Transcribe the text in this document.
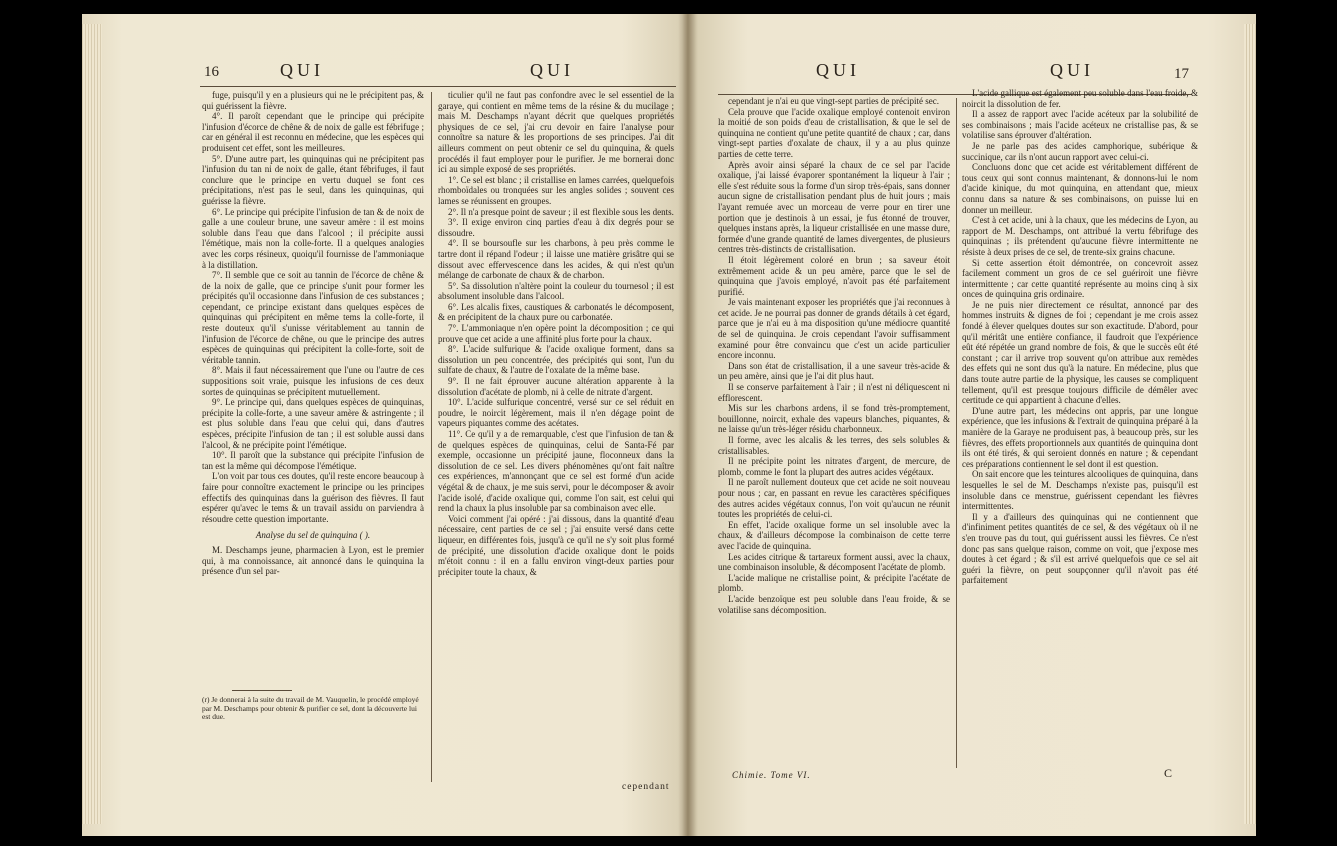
16	QUI	QUI

fuge, puisqu'il y en a plusieurs qui ne le précipitent pas, & qui guérissent la fièvre.

4°. Il paroît cependant que le principe qui précipite l'infusion d'écorce de chêne & de noix de galle est fébrifuge ; car en général il est reconnu en médecine, que les espèces qui produisent cet effet, sont les meilleures.

5°. D'une autre part, les quinquinas qui ne précipitent pas l'infusion du tan ni de noix de galle, étant fébrifuges, il faut conclure que le principe en vertu duquel se font ces précipitations, n'est pas le seul, dans les quinquinas, qui guérisse la fièvre.

6°. Le principe qui précipite l'infusion de tan & de noix de galle a une couleur brune, une saveur amère : il est moins soluble dans l'eau que dans l'alcool ; il précipite aussi l'émétique, mais non la colle-forte. Il a quelques analogies avec les corps résineux, quoiqu'il fournisse de l'ammoniaque à la distillation.

7°. Il semble que ce soit au tannin de l'écorce de chêne & de la noix de galle, que ce principe s'unit pour former les précipités qu'il occasionne dans l'infusion de ces substances ; cependant, ce principe existant dans quelques espèces de quinquinas qui précipitent en même tems la colle-forte, il reste douteux qu'il s'unisse véritablement au tannin de l'infusion de l'écorce de chêne, ou que le principe des autres espèces de quinquinas qui précipitent la colle-forte, soit de véritable tannin.

8°. Mais il faut nécessairement que l'une ou l'autre de ces suppositions soit vraie, puisque les infusions de ces deux sortes de quinquinas se précipitent mutuellement.

9°. Le principe qui, dans quelques espèces de quinquinas, précipite la colle-forte, a une saveur amère & astringente ; il est plus soluble dans l'eau que celui qui, dans d'autres espèces, précipite l'infusion de tan ; il est soluble aussi dans l'alcool, & ne précipite point l'émétique.

10°. Il paroît que la substance qui précipite l'infusion de tan est la même qui décompose l'émétique.

L'on voit par tous ces doutes, qu'il reste encore beaucoup à faire pour connoître exactement le principe ou les principes effectifs des quinquinas dans la guérison des fièvres. Il faut espérer qu'avec le tems & un travail assidu on parviendra à résoudre cette question importante.

Analyse du sel de quinquina ( ).

M. Deschamps jeune, pharmacien à Lyon, est le premier qui, à ma connoissance, ait annoncé dans le quinquina la présence d'un sel par-

(r) Je donnerai à la suite du travail de M. Vauquelin, le procédé employé par M. Deschamps pour obtenir & purifier ce sel, dont la découverte lui est due.

ticulier qu'il ne faut pas confondre avec le sel essentiel de la garaye, qui contient en même tems de la résine & du mucilage ; mais M. Deschamps n'ayant décrit que quelques propriétés physiques de ce sel, j'ai cru devoir en faire l'analyse pour connoître sa nature & les proportions de ses principes. J'ai dit ailleurs comment on peut obtenir ce sel du quinquina, & quels procédés il faut employer pour le purifier. Je me bornerai donc ici au simple exposé de ses propriétés.

1°. Ce sel est blanc ; il cristallise en lames carrées, quelquefois rhomboïdales ou tronquées sur les angles solides ; souvent ces lames se réunissent en groupes.

2°. Il n'a presque point de saveur ; il est flexible sous les dents.

3°. Il exige environ cinq parties d'eau à dix degrés pour se dissoudre.

4°. Il se boursoufle sur les charbons, à peu près comme le tartre dont il répand l'odeur ; il laisse une matière grisâtre qui se dissout avec effervescence dans les acides, & qui n'est qu'un mélange de carbonate de chaux & de charbon.

5°. Sa dissolution n'altère point la couleur du tournesol ; il est absolument insoluble dans l'alcool.

6°. Les alcalis fixes, caustiques & carbonatés le décomposent, & en précipitent de la chaux pure ou carbonatée.

7°. L'ammoniaque n'en opère point la décomposition ; ce qui prouve que cet acide a une affinité plus forte pour la chaux.

8°. L'acide sulfurique & l'acide oxalique forment, dans sa dissolution un peu concentrée, des précipités qui sont, l'un du sulfate de chaux, & l'autre de l'oxalate de la même base.

9°. Il ne fait éprouver aucune altération apparente à la dissolution d'acétate de plomb, ni à celle de nitrate d'argent.

10°. L'acide sulfurique concentré, versé sur ce sel réduit en poudre, le noircit légèrement, mais il n'en dégage point de vapeurs piquantes comme des acétates.

11°. Ce qu'il y a de remarquable, c'est que l'infusion de tan & de quelques espèces de quinquinas, celui de Santa-Fé par exemple, occasionne un précipité jaune, floconneux dans la dissolution de ce sel. Les divers phénomènes qu'ont fait naître ces expériences, m'annonçant que ce sel est formé d'un acide végétal & de chaux, je me suis servi, pour le décomposer & avoir l'acide isolé, d'acide oxalique qui, comme l'on sait, est celui qui rend la chaux la plus insoluble par sa combinaison avec elle.

Voici comment j'ai opéré : j'ai dissous, dans la quantité d'eau nécessaire, cent parties de ce sel ; j'ai ensuite versé dans cette liqueur, en différentes fois, jusqu'à ce qu'il ne s'y soit plus formé de précipité, une dissolution d'acide oxalique dont le poids m'étoit connu : il en a fallu environ vingt-deux parties pour précipiter toute la chaux, &

cependant
QUI	QUI	17

cependant je n'ai eu que vingt-sept parties de précipité sec.

Cela prouve que l'acide oxalique employé contenoit environ la moitié de son poids d'eau de cristallisation, & que le sel de quinquina ne contient qu'une petite quantité de chaux ; car, dans vingt-sept parties d'oxalate de chaux, il y a au plus quinze parties de cette terre.

Après avoir ainsi séparé la chaux de ce sel par l'acide oxalique, j'ai laissé évaporer spontanément la liqueur à l'air ; elle s'est réduite sous la forme d'un sirop très-épais, sans donner aucun signe de cristallisation pendant plus de huit jours ; mais l'ayant remuée avec un morceau de verre pour en tirer une portion que je destinois à un essai, je fus étonné de trouver, quelques instans après, la liqueur cristallisée en une masse dure, formée d'une grande quantité de lames divergentes, de plusieurs centres très-distincts de cristallisation.

Il étoit légèrement coloré en brun ; sa saveur étoit extrêmement acide & un peu amère, parce que le sel de quinquina que j'avois employé, n'avoit pas été parfaitement purifié.

Je vais maintenant exposer les propriétés que j'ai reconnues à cet acide. Je ne pourrai pas donner de grands détails à cet égard, parce que je n'ai eu à ma disposition qu'une médiocre quantité de sel de quinquina. Je crois cependant l'avoir suffisamment examiné pour être convaincu que c'est un acide particulier encore inconnu.

Dans son état de cristallisation, il a une saveur très-acide & un peu amère, ainsi que je l'ai dit plus haut.

Il se conserve parfaitement à l'air ; il n'est ni déliquescent ni efflorescent.

Mis sur les charbons ardens, il se fond très-promptement, bouillonne, noircit, exhale des vapeurs blanches, piquantes, & ne laisse qu'un très-léger résidu charbonneux.

Il forme, avec les alcalis & les terres, des sels solubles & cristallisables.

Il ne précipite point les nitrates d'argent, de mercure, de plomb, comme le font la plupart des autres acides végétaux.

Il ne paroît nullement douteux que cet acide ne soit nouveau pour nous ; car, en passant en revue les caractères spécifiques des autres acides végétaux connus, l'on voit qu'aucun ne réunit toutes les propriétés de celui-ci.

En effet, l'acide oxalique forme un sel insoluble avec la chaux, & d'ailleurs décompose la combinaison de cette terre avec l'acide de quinquina.

Les acides citrique & tartareux forment aussi, avec la chaux, une combinaison insoluble, & décomposent l'acétate de plomb.

L'acide malique ne cristallise point, & précipite l'acétate de plomb.

L'acide benzoïque est peu soluble dans l'eau froide, & se volatilise sans décomposition.

Chimie. Tome VI.

L'acide gallique est également peu soluble dans l'eau froide, & noircit la dissolution de fer.

Il a assez de rapport avec l'acide acéteux par la solubilité de ses combinaisons ; mais l'acide acéteux ne cristallise pas, & se volatilise sans éprouver d'altération.

Je ne parle pas des acides camphorique, subérique & succinique, car ils n'ont aucun rapport avec celui-ci.

Concluons donc que cet acide est véritablement différent de tous ceux qui sont connus maintenant, & donnons-lui le nom d'acide kinique, du mot quinquina, en attendant que, mieux connu dans sa nature & ses combinaisons, on puisse lui en donner un meilleur.

C'est à cet acide, uni à la chaux, que les médecins de Lyon, au rapport de M. Deschamps, ont attribué la vertu fébrifuge des quinquinas ; ils prétendent qu'aucune fièvre intermittente ne résiste à deux prises de ce sel, de trente-six grains chacune.

Si cette assertion étoit démontrée, on concevroit assez facilement comment un gros de ce sel guériroit une fièvre intermittente ; car cette quantité représente au moins cinq à six onces de quinquina gris ordinaire.

Je ne puis nier directement ce résultat, annoncé par des hommes instruits & dignes de foi ; cependant je me crois assez fondé à élever quelques doutes sur son exactitude. D'abord, pour qu'il méritât une entière confiance, il faudroit que l'expérience eût été répétée un grand nombre de fois, & que le succès eût été constant ; car il arrive trop souvent qu'on attribue aux remèdes des effets qui ne sont dus qu'à la nature. En médecine, plus que dans toute autre partie de la physique, les causes se compliquent tellement, qu'il est presque toujours difficile de démêler avec certitude ce qui appartient à chacune d'elles.

D'une autre part, les médecins ont appris, par une longue expérience, que les infusions & l'extrait de quinquina préparé à la manière de la Garaye ne produisent pas, à beaucoup près, sur les fièvres, des effets proportionnels aux quantités de quinquina dont ils ont été tirés, & qui seroient donnés en nature ; & cependant ces préparations contiennent le sel dont il est question.

On sait encore que les teintures alcooliques de quinquina, dans lesquelles le sel de M. Deschamps n'existe pas, puisqu'il est insoluble dans ce menstrue, guérissent cependant les fièvres intermittentes.

Il y a d'ailleurs des quinquinas qui ne contiennent que d'infiniment petites quantités de ce sel, & des végétaux où il ne s'en trouve pas du tout, qui guérissent aussi les fièvres. Ce n'est donc pas sans quelque raison, comme on voit, que j'expose mes doutes à cet égard ; & s'il est arrivé quelquefois que ce sel ait guéri la fièvre, on peut soupçonner qu'il n'avoit pas été parfaitement

C
